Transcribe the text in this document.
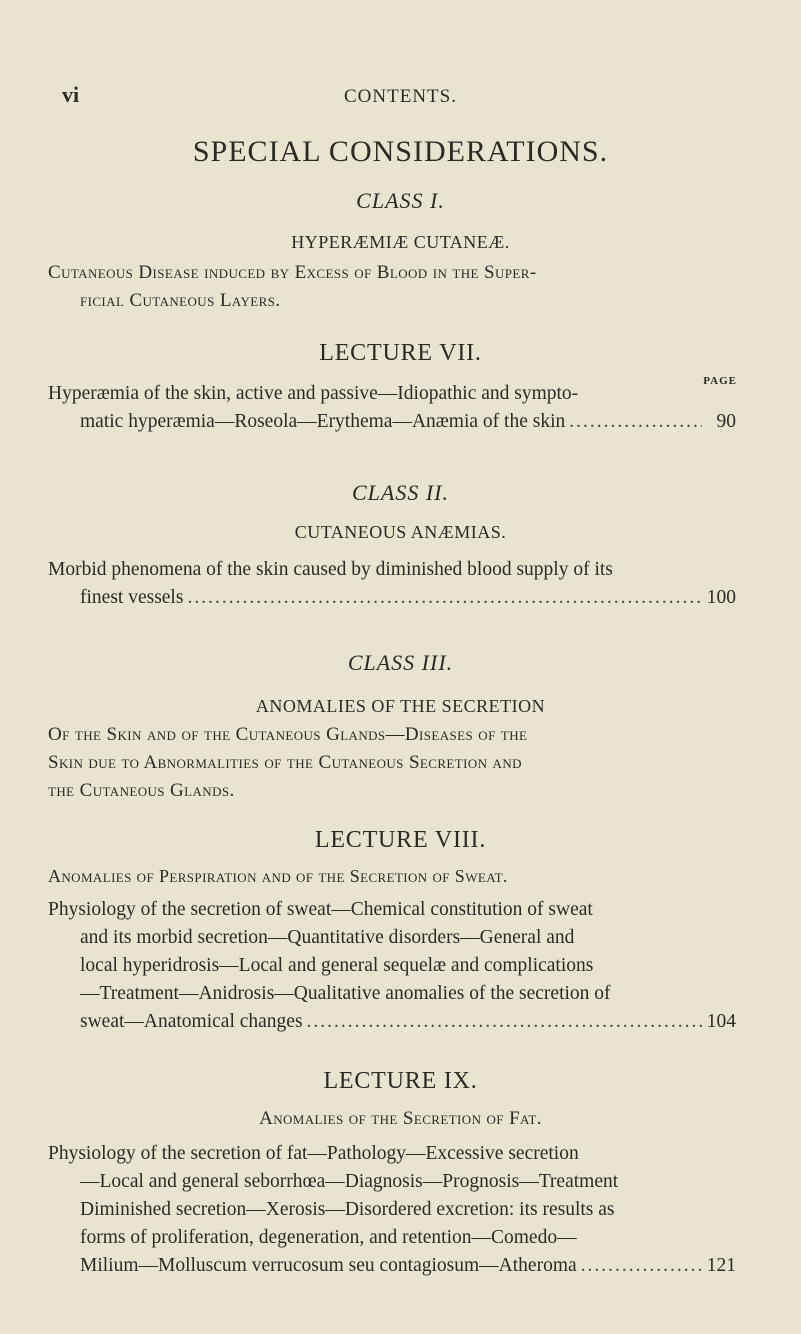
vi	CONTENTS.
SPECIAL CONSIDERATIONS.
CLASS I.
HYPERÆMIÆ CUTANEÆ.
Cutaneous Disease induced by Excess of Blood in the Super-
ficial Cutaneous Layers.
LECTURE VII.
PAGE
Hyperæmia of the skin, active and passive—Idiopathic and sympto-
matic hyperæmia—Roseola—Erythema—Anæmia of the skin .....	90
CLASS II.
CUTANEOUS ANÆMIAS.
Morbid phenomena of the skin caused by diminished blood supply of its
finest vessels .....	100
CLASS III.
ANOMALIES OF THE SECRETION
Of the Skin and of the Cutaneous Glands—Diseases of the
Skin due to Abnormalities of the Cutaneous Secretion and
the Cutaneous Glands.
LECTURE VIII.
Anomalies of Perspiration and of the Secretion of Sweat.
Physiology of the secretion of sweat—Chemical constitution of sweat
and its morbid secretion—Quantitative disorders—General and
local hyperidrosis—Local and general sequelæ and complications
—Treatment—Anidrosis—Qualitative anomalies of the secretion of
sweat—Anatomical changes .....	104
LECTURE IX.
Anomalies of the Secretion of Fat.
Physiology of the secretion of fat—Pathology—Excessive secretion
—Local and general seborrhœa—Diagnosis—Prognosis—Treatment
Diminished secretion—Xerosis—Disordered excretion: its results as
forms of proliferation, degeneration, and retention—Comedo—
Milium—Molluscum verrucosum seu contagiosum—Atheroma .....	121
